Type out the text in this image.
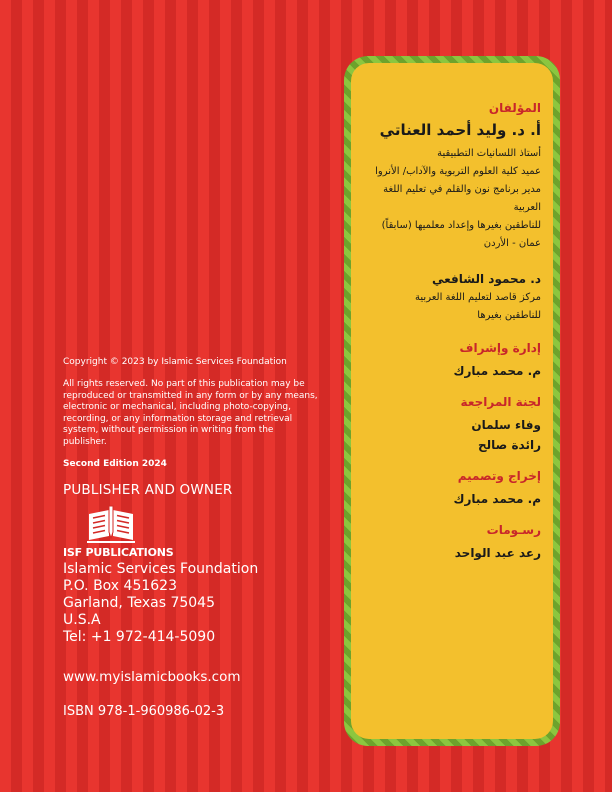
Copyright © 2023 by Islamic Services Foundation

All rights reserved. No part of this publication may be reproduced or transmitted in any form or by any means, electronic or mechanical, including photo-copying, recording, or any information storage and retrieval system, without permission in writing from the publisher.

Second Edition 2024

PUBLISHER AND OWNER

ISF PUBLICATIONS

Islamic Services Foundation

P.O. Box 451623

Garland, Texas 75045

U.S.A

Tel: +1 972-414-5090

www.myislamicbooks.com
ISBN 978-1-960986-02-3

المؤلفان

أ. د. وليد أحمد العناتي

أستاذ اللسانيات التطبيقية

عميد كلية العلوم التربوية والآداب/ الأنروا

مدير برنامج نون والقلم في تعليم اللغة العربية

للناطقين بغيرها وإعداد معلميها (سابقاً)

عمان - الأردن

د. محمود الشافعي

مركز قاصد لتعليم اللغة العربية

للناطقين بغيرها

إدارة وإشراف

م. محمد مبارك

لجنة المراجعة

وفاء سلمان

رائدة صالح

إخراج وتصميم

م. محمد مبارك

رسـومات

رعد عبد الواحد
